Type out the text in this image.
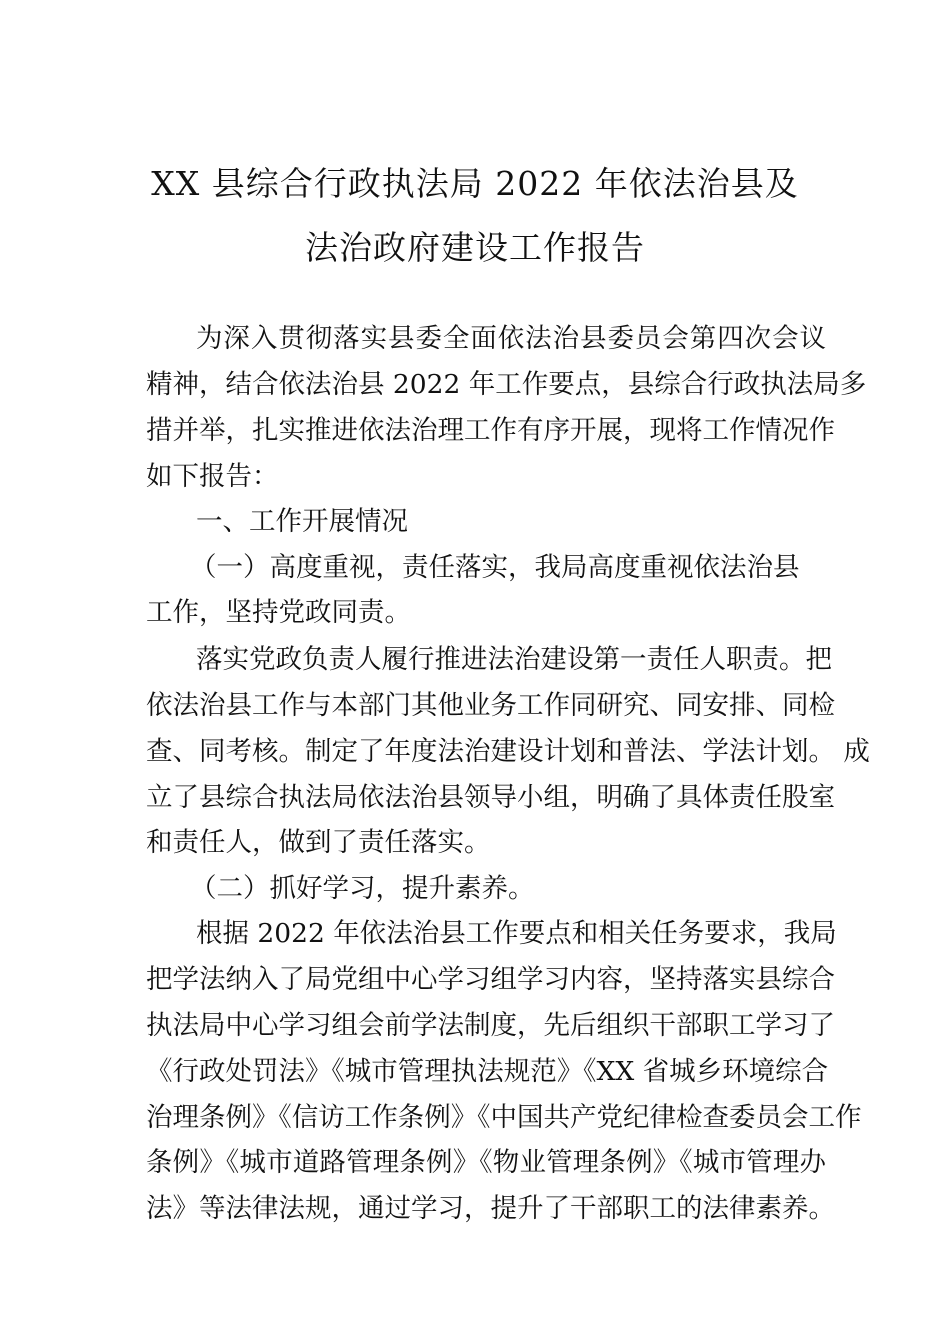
XX 县综合行政执法局 2022 年依法治县及
法治政府建设工作报告
为深入贯彻落实县委全面依法治县委员会第四次会议
精神，结合依法治县 2022 年工作要点，县综合行政执法局多
措并举，扎实推进依法治理工作有序开展，现将工作情况作
如下报告：
一、工作开展情况
（一）高度重视，责任落实，我局高度重视依法治县
工作，坚持党政同责。
落实党政负责人履行推进法治建设第一责任人职责。把
依法治县工作与本部门其他业务工作同研究、同安排、同检
查、同考核。制定了年度法治建设计划和普法、学法计划。 成
立了县综合执法局依法治县领导小组，明确了具体责任股室
和责任人，做到了责任落实。
（二）抓好学习，提升素养。
根据 2022 年依法治县工作要点和相关任务要求，我局
把学法纳入了局党组中心学习组学习内容，坚持落实县综合
执法局中心学习组会前学法制度，先后组织干部职工学习了
《行政处罚法》《城市管理执法规范》《XX 省城乡环境综合
治理条例》《信访工作条例》《中国共产党纪律检查委员会工作
条例》《城市道路管理条例》《物业管理条例》《城市管理办
法》等法律法规，通过学习，提升了干部职工的法律素养。
